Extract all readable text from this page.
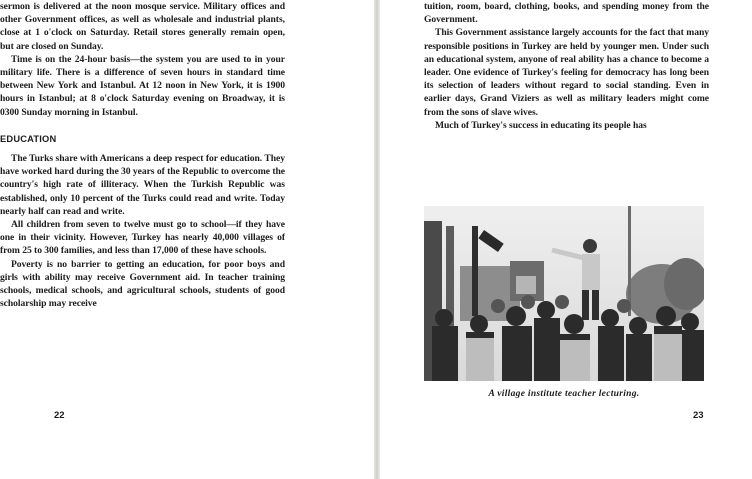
sermon is delivered at the noon mosque service. Military offices and other Government offices, as well as wholesale and industrial plants, close at 1 o'clock on Saturday. Retail stores generally remain open, but are closed on Sunday.

Time is on the 24-hour basis—the system you are used to in your military life. There is a difference of seven hours in standard time between New York and Istanbul. At 12 noon in New York, it is 1900 hours in Istanbul; at 8 o'clock Saturday evening on Broadway, it is 0300 Sunday morning in Istanbul.

EDUCATION

The Turks share with Americans a deep respect for education. They have worked hard during the 30 years of the Republic to overcome the country's high rate of illiteracy. When the Turkish Republic was established, only 10 percent of the Turks could read and write. Today nearly half can read and write.

All children from seven to twelve must go to school—if they have one in their vicinity. However, Turkey has nearly 40,000 villages of from 25 to 300 families, and less than 17,000 of these have schools.

Poverty is no barrier to getting an education, for poor boys and girls with ability may receive Government aid. In teacher training schools, medical schools, and agricultural schools, students of good scholarship may receive

tuition, room, board, clothing, books, and spending money from the Government.

This Government assistance largely accounts for the fact that many responsible positions in Turkey are held by younger men. Under such an educational system, anyone of real ability has a chance to become a leader. One evidence of Turkey's feeling for democracy has long been its selection of leaders without regard to social standing. Even in earlier days, Grand Viziers as well as military leaders might come from the sons of slave wives.

Much of Turkey's success in educating its people has

A village institute teacher lecturing.
22	23
